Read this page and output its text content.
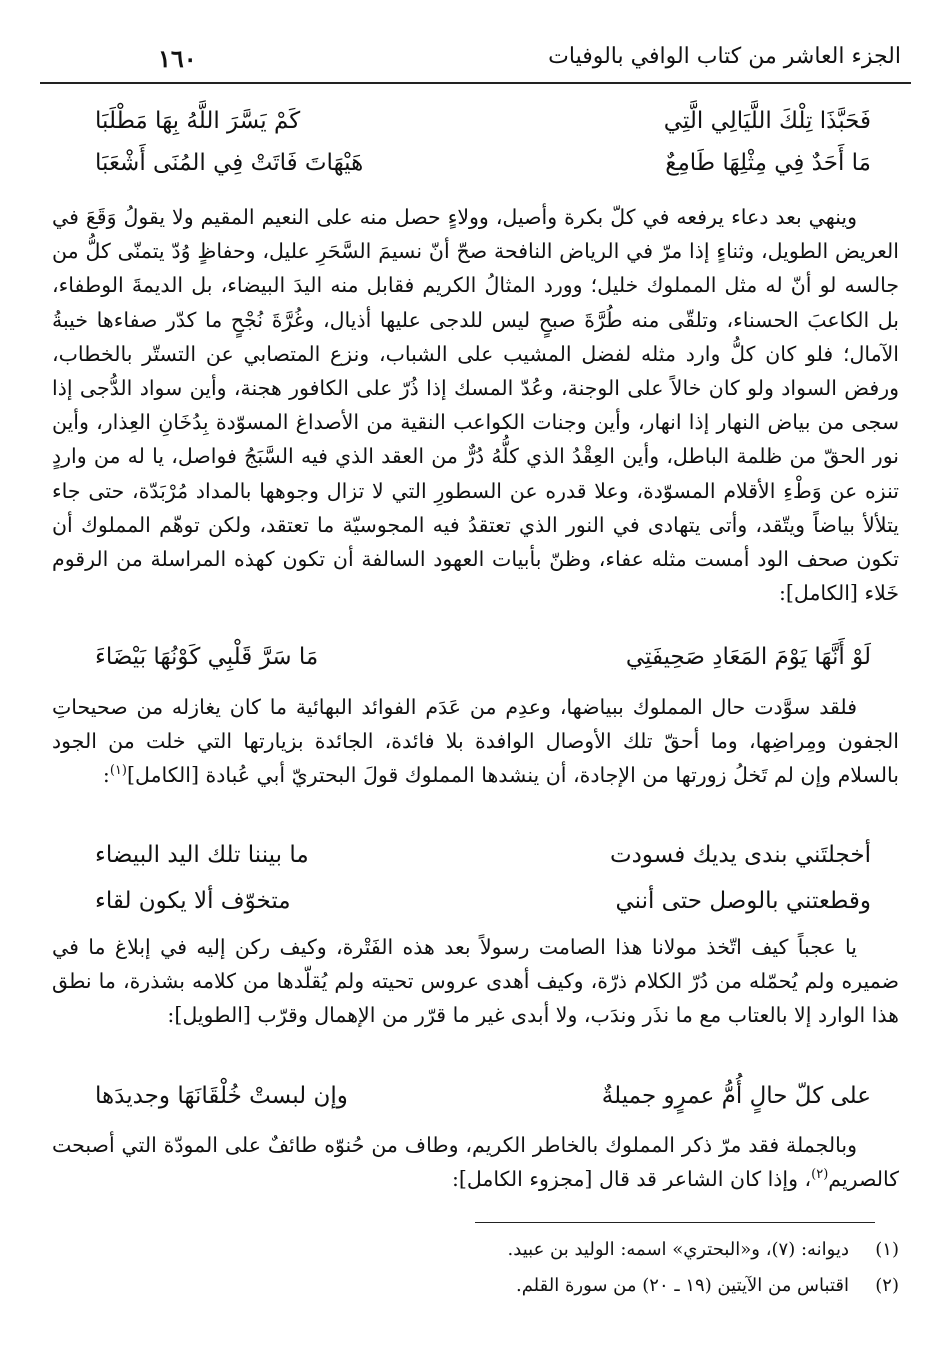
الجزء العاشر من كتاب الوافي بالوفيات
١٦٠
فَحَبَّذَا تِلْكَ اللَّيَالِي الَّتِي
كَمْ يَسَّرَ اللَّهُ بِهَا مَطْلَبَا
مَا أَحَدٌ فِي مِثْلِهَا طَامِعٌ
هَيْهَاتَ فَاتَتْ فِي المُنَى أَشْعَبَا

وينهي بعد دعاء يرفعه في كلّ بكرة وأصيل، وولاءٍ حصل منه على النعيم المقيم ولا يقولُ وَقَعَ في العريض الطويل، وثناءٍ إذا مرّ في الرياض النافحة صحّ أنّ نسيمَ السَّحَرِ عليل، وحفاظٍ وُدّ يتمنّى كلُّ من جالسه لو أنّ له مثل المملوك خليل؛ وورد المثالُ الكريم فقابل منه اليدَ البيضاء، بل الديمةَ الوطفاء، بل الكاعبَ الحسناء، وتلقّى منه طُرَّةَ صبحٍ ليس للدجى عليها أذيال، وغُرَّةَ نُجْحٍ ما كدّر صفاءها خيبةُ الآمال؛ فلو كان كلُّ وارد مثله لفضل المشيب على الشباب، ونزع المتصابي عن التستّر بالخطاب، ورفض السواد ولو كان خالاً على الوجنة، وعُدّ المسك إذا ذُرّ على الكافور هجنة، وأين سواد الدُّجى إذا سجى من بياض النهار إذا انهار، وأين وجنات الكواعب النقية من الأصداغ المسوّدة بِدُخَانِ العِذار، وأين نور الحقّ من ظلمة الباطل، وأين العِقْدُ الذي كلُّهُ دُرٌّ من العقد الذي فيه السَّبَجُ فواصل، يا له من واردٍ تنزه عن وَطْءِ الأقلام المسوّدة، وعلا قدره عن السطورِ التي لا تزال وجوهها بالمداد مُرْبَدّة، حتى جاء يتلألأ بياضاً ويتّقد، وأتى يتهادى في النور الذي تعتقدُ فيه المجوسيّة ما تعتقد، ولكن توهّم المملوك أن تكون صحف الود أمست مثله عفاء، وظنّ بأبيات العهود السالفة أن تكون كهذه المراسلة من الرقوم خَلاء [الكامل]:

لَوْ أَنَّهَا يَوْمَ المَعَادِ صَحِيفَتِي
مَا سَرَّ قَلْبِي كَوْنُهَا بَيْضَاءَ

فلقد سوَّدت حال المملوك ببياضها، وعدِم من عَدَم الفوائد البهائية ما كان يغازله من صحيحاتِ الجفون ومِراضِها، وما أحقّ تلك الأوصال الوافدة بلا فائدة، الجائدة بزيارتها التي خلت من الجود بالسلام وإن لم تَخلُ زورتها من الإجادة، أن ينشدها المملوك قولَ البحتريّ أبي عُبادة [الكامل]$^{(١)}$:

أخجلتَني بندى يديك فسودت
ما بيننا تلك اليد البيضاء
وقطعتني بالوصل حتى أنني
متخوّف ألا يكون لقاء

يا عجباً كيف اتّخذ مولانا هذا الصامت رسولاً بعد هذه الفَتْرة، وكيف ركن إليه في إبلاغ ما في ضميره ولم يُحمّله من دُرّ الكلام ذرّة، وكيف أهدى عروس تحيته ولم يُقلّدها من كلامه بشذرة، ما نطق هذا الوارد إلا بالعتاب مع ما نذَر وندَب، ولا أبدى غير ما قرّر من الإهمال وقرّب [الطويل]:

على كلّ حالٍ أُمُّ عمرٍو جميلةٌ
وإن لبستْ خُلْقَانَهَا وجديدَها

وبالجملة فقد مرّ ذكر المملوك بالخاطر الكريم، وطاف من حُنوّه طائفٌ على المودّة التي أصبحت كالصريم$^{(٢)}$، وإذا كان الشاعر قد قال [مجزوء الكامل]:

(١)ديوانه: (٧)، و«البحتري» اسمه: الوليد بن عبيد.
(٢)اقتباس من الآيتين (١٩ ـ ٢٠) من سورة القلم.
